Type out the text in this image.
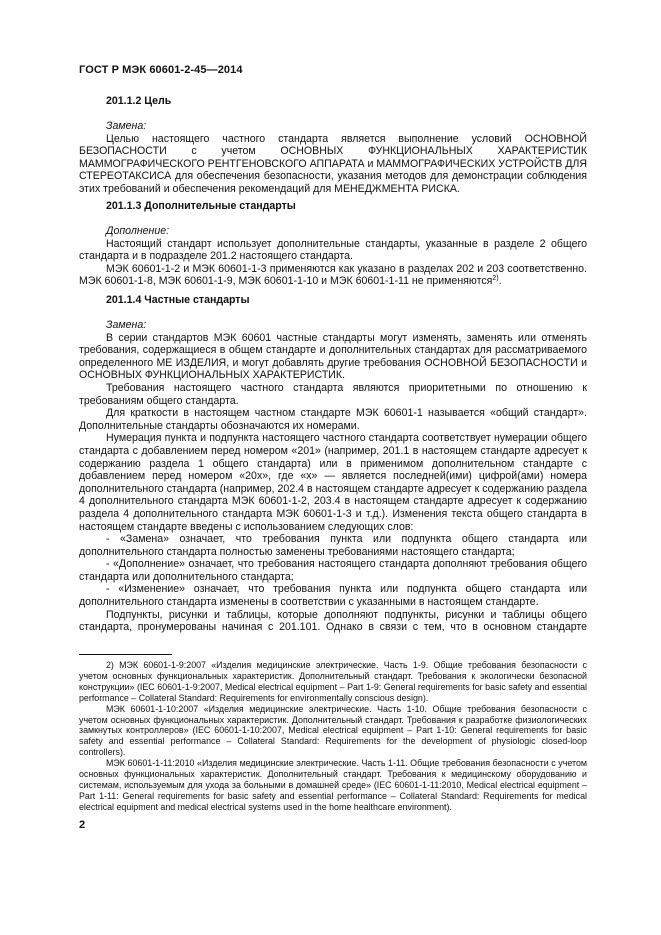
ГОСТ Р МЭК 60601-2-45—2014
201.1.2 Цель
Замена:

Целью настоящего частного стандарта является выполнение условий ОСНОВНОЙ БЕЗОПАСНОСТИ с учетом ОСНОВНЫХ ФУНКЦИОНАЛЬНЫХ ХАРАКТЕРИСТИК МАММОГРАФИЧЕСКОГО РЕНТГЕНОВСКОГО АППАРАТА и МАММОГРАФИЧЕСКИХ УСТРОЙСТВ ДЛЯ СТЕРЕОТАКСИСА для обеспечения безопасности, указания методов для демонстрации соблюдения этих требований и обеспечения рекомендаций для МЕНЕДЖМЕНТА РИСКА.

201.1.3 Дополнительные стандарты
Дополнение:

Настоящий стандарт использует дополнительные стандарты, указанные в разделе 2 общего стандарта и в подразделе 201.2 настоящего стандарта.

МЭК 60601-1-2 и МЭК 60601-1-3 применяются как указано в разделах 202 и 203 соответственно. МЭК 60601-1-8, МЭК 60601-1-9, МЭК 60601-1-10 и МЭК 60601-1-11 не применяются$^{2)}$.

201.1.4 Частные стандарты
Замена:

В серии стандартов МЭК 60601 частные стандарты могут изменять, заменять или отменять требования, содержащиеся в общем стандарте и дополнительных стандартах для рассматриваемого определенного МЕ ИЗДЕЛИЯ, и могут добавлять другие требования ОСНОВНОЙ БЕЗОПАСНОСТИ и ОСНОВНЫХ ФУНКЦИОНАЛЬНЫХ ХАРАКТЕРИСТИК.

Требования настоящего частного стандарта являются приоритетными по отношению к требованиям общего стандарта.

Для краткости в настоящем частном стандарте МЭК 60601-1 называется «общий стандарт». Дополнительные стандарты обозначаются их номерами.

Нумерация пункта и подпункта настоящего частного стандарта соответствует нумерации общего стандарта с добавлением перед номером «201» (например, 201.1 в настоящем стандарте адресует к содержанию раздела 1 общего стандарта) или в применимом дополнительном стандарте с добавлением перед номером «20х», где «х» — является последней(ими) цифрой(ами) номера дополнительного стандарта (например, 202.4 в настоящем стандарте адресует к содержанию раздела 4 дополнительного стандарта МЭК 60601-1-2, 203.4 в настоящем стандарте адресует к содержанию раздела 4 дополнительного стандарта МЭК 60601-1-3 и т.д.). Изменения текста общего стандарта в настоящем стандарте введены с использованием следующих слов:

- «Замена» означает, что требования пункта или подпункта общего стандарта или дополнительного стандарта полностью заменены требованиями настоящего стандарта;

- «Дополнение» означает, что требования настоящего стандарта дополняют требования общего стандарта или дополнительного стандарта;

- «Изменение» означает, что требования пункта или подпункта общего стандарта или дополнительного стандарта изменены в соответствии с указанными в настоящем стандарте.

Подпункты, рисунки и таблицы, которые дополняют подпункты, рисунки и таблицы общего стандарта, пронумерованы начиная с 201.101. Однако в связи с тем, что в основном стандарте

2) МЭК 60601-1-9:2007 «Изделия медицинские электрические. Часть 1-9. Общие требования безопасности с учетом основных функциональных характеристик. Дополнительный стандарт. Требования к экологически безопасной конструкции» (IEC 60601-1-9:2007, Medical electrical equipment – Part 1-9: General requirements for basic safety and essential performance – Collateral Standard: Requirements for environmentally conscious design).

МЭК 60601-1-10:2007 «Изделия медицинские электрические. Часть 1-10. Общие требования безопасности с учетом основных функциональных характеристик. Дополнительный стандарт. Требования к разработке физиологических замкнутых контроллеров» (IEC 60601-1-10:2007, Medical electrical equipment – Part 1-10: General requirements for basic safety and essential performance – Collateral Standard: Requirements for the development of physiologic closed-loop controllers).

МЭК 60601-1-11:2010 «Изделия медицинские электрические. Часть 1-11. Общие требования безопасности с учетом основных функциональных характеристик. Дополнительный стандарт. Требования к медицинскому оборудованию и системам, используемым для ухода за больными в домашней среде» (IEC 60601-1-11:2010, Medical electrical equipment – Part 1-11: General requirements for basic safety and essential performance – Collateral Standard: Requirements for medical electrical equipment and medical electrical systems used in the home healthcare environment).

2
